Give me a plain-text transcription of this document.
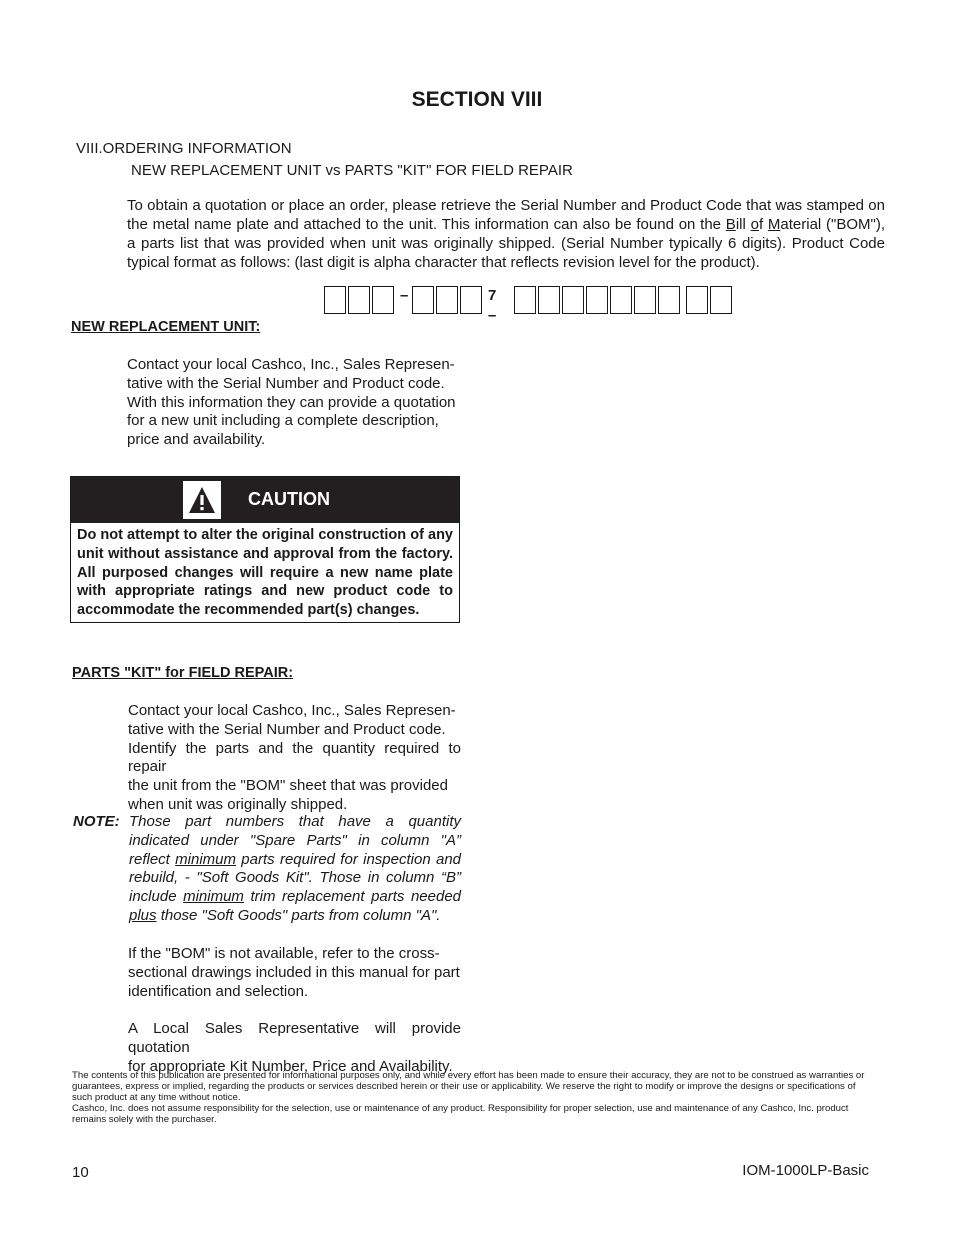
SECTION VIII
VIII.ORDERING INFORMATION
NEW REPLACEMENT UNIT vs PARTS "KIT" FOR FIELD REPAIR

To obtain a quotation or place an order, please retrieve the Serial Number and Product Code that was stamped on the metal name plate and attached to the unit. This information can also be found on the Bill of Material ("BOM"), a parts list that was provided when unit was originally shipped. (Serial Number typically 6 digits). Product Code typical format as follows: (last digit is alpha character that reflects revision level for the product).

–	7 –
NEW REPLACEMENT UNIT:
Contact your local Cashco, Inc., Sales Represen-
tative with the Serial Number and Product code.
With this information they can provide a quotation
for a new unit including a complete description,
price and availability.
CAUTION
Do not attempt to alter the original construction of any unit without assistance and approval from the factory. All purposed changes will require a new name plate with appropriate ratings and new product code to accommodate the recommended part(s) changes.
PARTS "KIT" for FIELD REPAIR:
Contact your local Cashco, Inc., Sales Represen-
tative with the Serial Number and Product code.
Identify the parts and the quantity required to repair
the unit from the "BOM" sheet that was provided
when unit was originally shipped.
NOTE: Those part numbers that have a quantity indicated under "Spare Parts" in column "A” reflect minimum parts required for inspection and rebuild, - "Soft Goods Kit". Those in column “B” include minimum trim replacement parts needed plus those "Soft Goods" parts from column "A".
If the "BOM" is not available, refer to the cross-
sectional drawings included in this manual for part
identification and selection.
A Local Sales Representative will provide quotation
for appropriate Kit Number, Price and Availability.

The contents of this publication are presented for informational purposes only, and while every effort has been made to ensure their accuracy, they are not to be construed as warranties or guarantees, express or implied, regarding the products or services described herein or their use or applicability. We reserve the right to modify or improve the designs or specifications of such product at any time without notice.

Cashco, Inc. does not assume responsibility for the selection, use or maintenance of any product. Responsibility for proper selection, use and maintenance of any Cashco, Inc. product remains solely with the purchaser.

10	IOM-1000LP-Basic
